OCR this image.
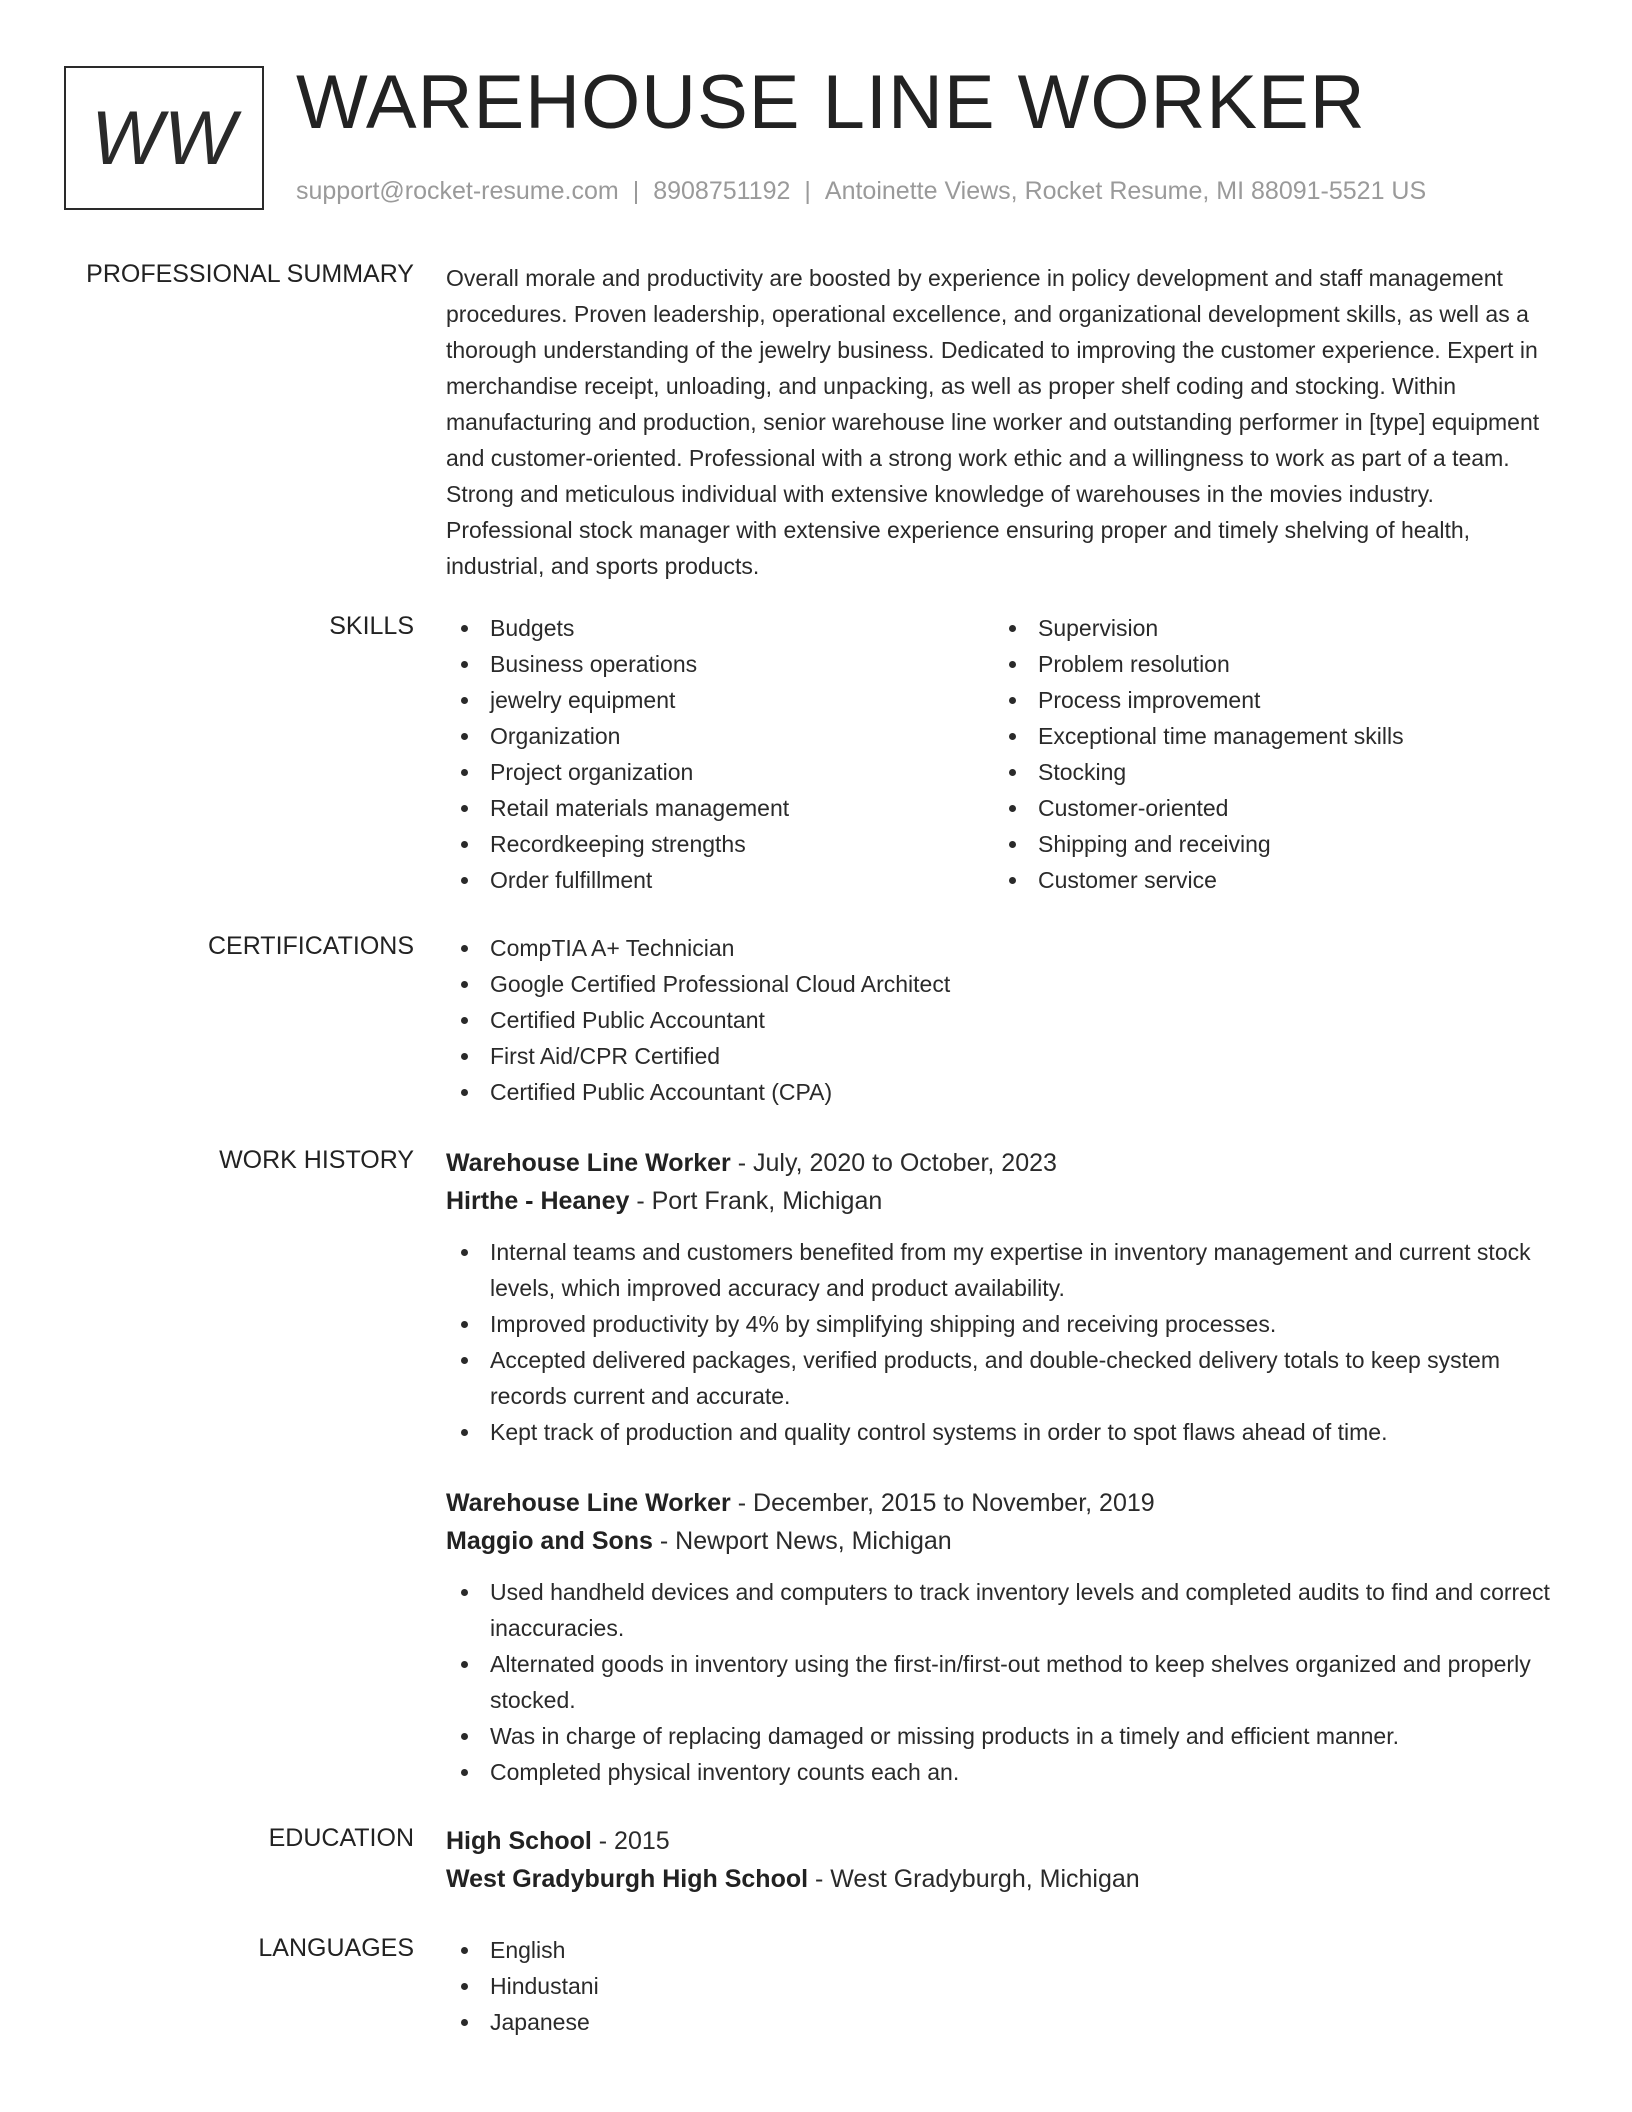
WW WAREHOUSE LINE WORKER
support@rocket-resume.com | 8908751192 | Antoinette Views, Rocket Resume, MI 88091-5521 US
PROFESSIONAL SUMMARY Overall morale and productivity are boosted by experience in policy development and staff management procedures. Proven leadership, operational excellence, and organizational development skills, as well as a thorough understanding of the jewelry business. Dedicated to improving the customer experience. Expert in merchandise receipt, unloading, and unpacking, as well as proper shelf coding and stocking. Within manufacturing and production, senior warehouse line worker and outstanding performer in [type] equipment and customer-oriented. Professional with a strong work ethic and a willingness to work as part of a team. Strong and meticulous individual with extensive knowledge of warehouses in the movies industry. Professional stock manager with extensive experience ensuring proper and timely shelving of health, industrial, and sports products.
SKILLS	Budgets
Business operations
jewelry equipment
Organization
Project organization
Retail materials management
Recordkeeping strengths
Order fulfillment
Supervision
Problem resolution
Process improvement
Exceptional time management skills
Stocking
Customer-oriented
Shipping and receiving
Customer service
CERTIFICATIONS	CompTIA A+ Technician
Google Certified Professional Cloud Architect
Certified Public Accountant
First Aid/CPR Certified
Certified Public Accountant (CPA)
WORK HISTORY Warehouse Line Worker - July, 2020 to October, 2023
Hirthe - Heaney - Port Frank, Michigan
Internal teams and customers benefited from my expertise in inventory management and current stock levels, which improved accuracy and product availability.
Improved productivity by 4% by simplifying shipping and receiving processes.
Accepted delivered packages, verified products, and double-checked delivery totals to keep system records current and accurate.
Kept track of production and quality control systems in order to spot flaws ahead of time.
Warehouse Line Worker - December, 2015 to November, 2019
Maggio and Sons - Newport News, Michigan
Used handheld devices and computers to track inventory levels and completed audits to find and correct inaccuracies.
Alternated goods in inventory using the first-in/first-out method to keep shelves organized and properly stocked.
Was in charge of replacing damaged or missing products in a timely and efficient manner.
Completed physical inventory counts each an.
EDUCATION High School - 2015
West Gradyburgh High School - West Gradyburgh, Michigan
LANGUAGES	English
Hindustani
Japanese
